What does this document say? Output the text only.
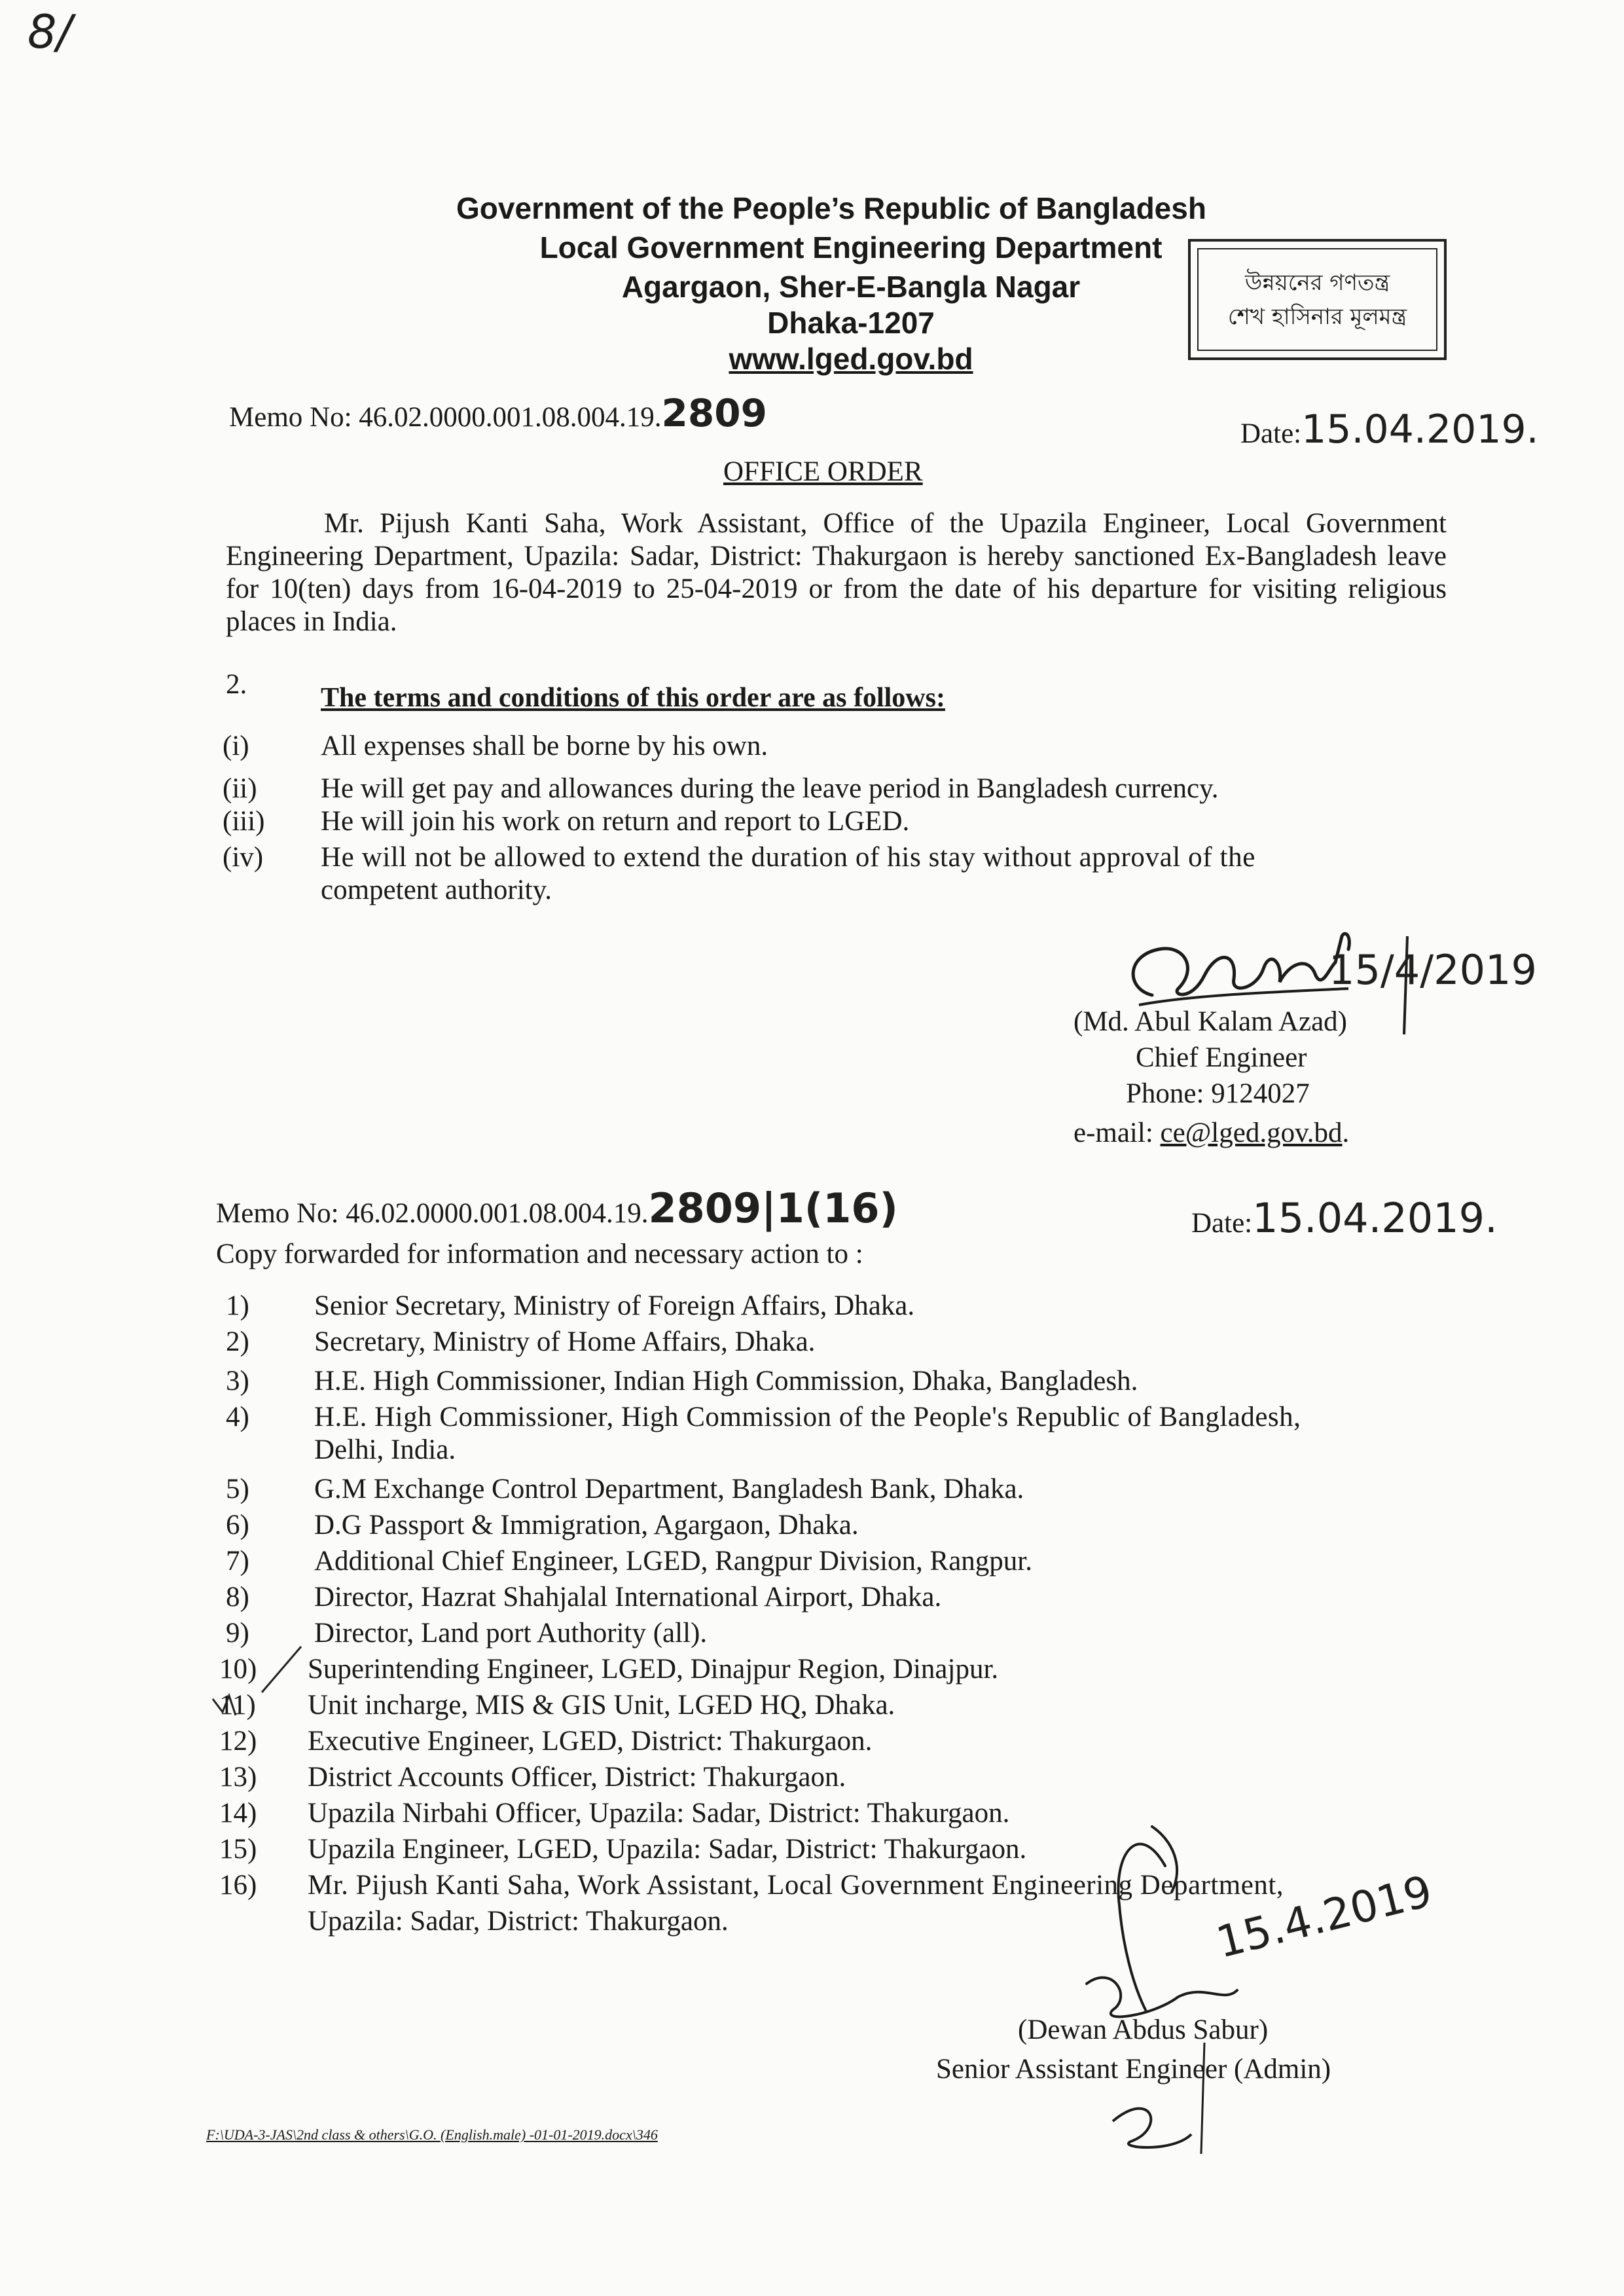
8/
Government of the People’s Republic of Bangladesh
Local Government Engineering Department
Agargaon, Sher-E-Bangla Nagar
Dhaka-1207
www.lged.gov.bd
উন্নয়নের গণতন্ত্র
শেখ হাসিনার মূলমন্ত্র
Memo No: 46.02.0000.001.08.004.19.2809	Date:15.04.2019.
OFFICE ORDER
Mr. Pijush Kanti Saha, Work Assistant, Office of the Upazila Engineer, Local Government Engineering Department, Upazila: Sadar, District: Thakurgaon is hereby sanctioned Ex-Bangladesh leave for 10(ten) days from 16-04-2019 to 25-04-2019 or from the date of his departure for visiting religious places in India.
2.	The terms and conditions of this order are as follows:
(i)	All expenses shall be borne by his own.
(ii) He will get pay and allowances during the leave period in Bangladesh currency.
(iii) He will join his work on return and report to LGED.
(iv) He will not be allowed to extend the duration of his stay without approval of the
competent authority.
15/4/2019
(Md. Abul Kalam Azad)
Chief Engineer
Phone: 9124027
e-mail: ce@lged.gov.bd.
Memo No: 46.02.0000.001.08.004.19.2809|1(16)	Date:15.04.2019.
Copy forwarded for information and necessary action to :
1) Senior Secretary, Ministry of Foreign Affairs, Dhaka.
2) Secretary, Ministry of Home Affairs, Dhaka.
3) H.E. High Commissioner, Indian High Commission, Dhaka, Bangladesh.
4) H.E. High Commissioner, High Commission of the People's Republic of Bangladesh,
Delhi, India.
5) G.M Exchange Control Department, Bangladesh Bank, Dhaka.
6) D.G Passport & Immigration, Agargaon, Dhaka.
7) Additional Chief Engineer, LGED, Rangpur Division, Rangpur.
8) Director, Hazrat Shahjalal International Airport, Dhaka.
9) Director, Land port Authority (all).
10) Superintending Engineer, LGED, Dinajpur Region, Dinajpur.
11) Unit incharge, MIS & GIS Unit, LGED HQ, Dhaka.
12) Executive Engineer, LGED, District: Thakurgaon.
13) District Accounts Officer, District: Thakurgaon.
14) Upazila Nirbahi Officer, Upazila: Sadar, District: Thakurgaon.
15) Upazila Engineer, LGED, Upazila: Sadar, District: Thakurgaon.
16) Mr. Pijush Kanti Saha, Work Assistant, Local Government Engineering Department,
Upazila: Sadar, District: Thakurgaon.	15.4.2019
(Dewan Abdus Sabur)
Senior Assistant Engineer (Admin)
F:\UDA-3-JAS\2nd class & others\G.O. (English.male) -01-01-2019.docx\346
